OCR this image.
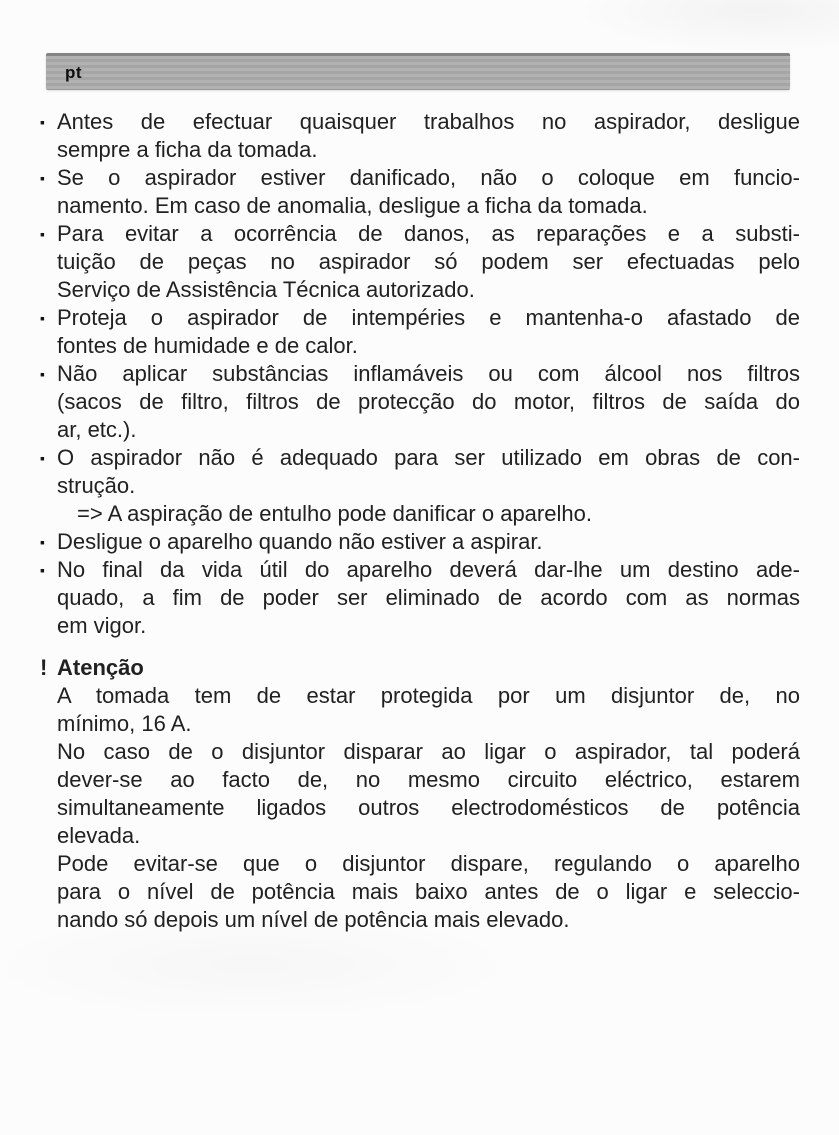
pt
▪ Antes de efectuar quaisquer trabalhos no aspirador, desligue
sempre a ficha da tomada.
▪ Se o aspirador estiver danificado, não o coloque em funcio-
namento. Em caso de anomalia, desligue a ficha da tomada.
▪ Para evitar a ocorrência de danos, as reparações e a substi-
tuição de peças no aspirador só podem ser efectuadas pelo
Serviço de Assistência Técnica autorizado.
▪ Proteja o aspirador de intempéries e mantenha-o afastado de
fontes de humidade e de calor.
▪ Não aplicar substâncias inflamáveis ou com álcool nos filtros
(sacos de filtro, filtros de protecção do motor, filtros de saída do
ar, etc.).
▪ O aspirador não é adequado para ser utilizado em obras de con-
strução.
=> A aspiração de entulho pode danificar o aparelho.
▪ Desligue o aparelho quando não estiver a aspirar.
▪ No final da vida útil do aparelho deverá dar-lhe um destino ade-
quado, a fim de poder ser eliminado de acordo com as normas
em vigor.
! Atenção
A tomada tem de estar protegida por um disjuntor de, no
mínimo, 16 A.
No caso de o disjuntor disparar ao ligar o aspirador, tal poderá
dever-se ao facto de, no mesmo circuito eléctrico, estarem
simultaneamente ligados outros electrodomésticos de potência
elevada.
Pode evitar-se que o disjuntor dispare, regulando o aparelho
para o nível de potência mais baixo antes de o ligar e seleccio-
nando só depois um nível de potência mais elevado.
